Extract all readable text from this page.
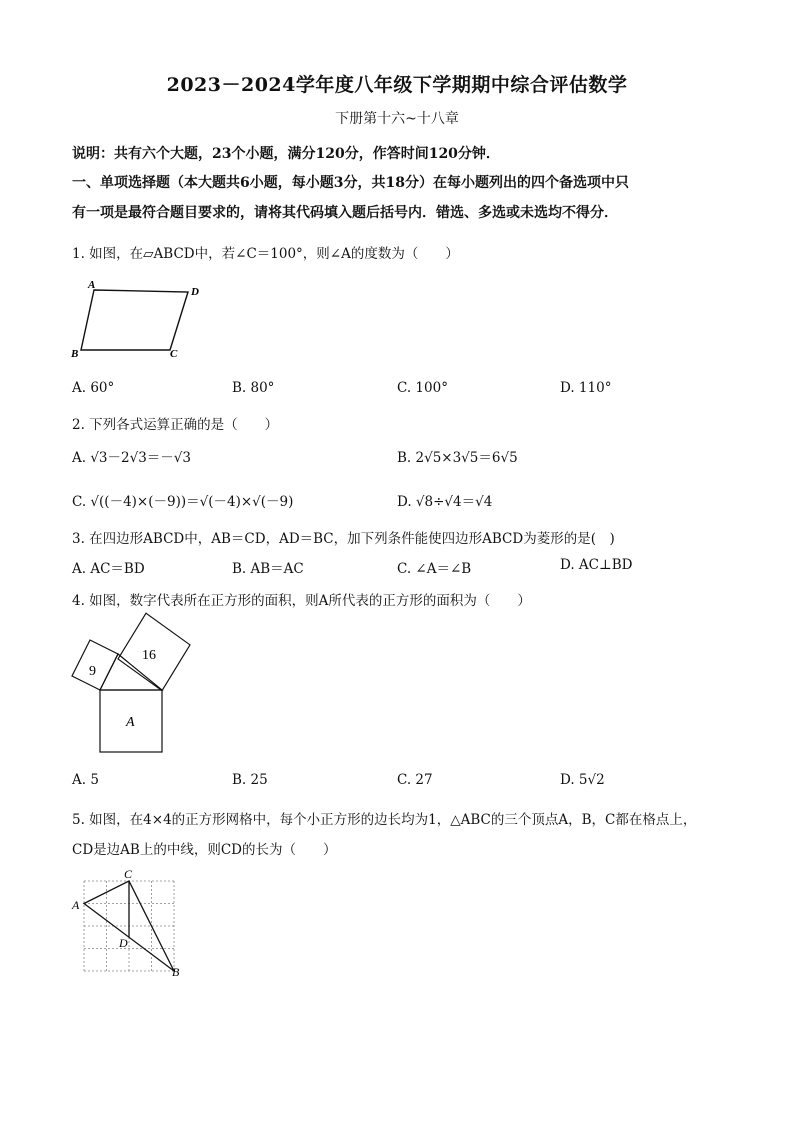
2023－2024学年度八年级下学期期中综合评估数学
下册第十六~十八章
说明：共有六个大题，23个小题，满分120分，作答时间120分钟．
一、单项选择题（本大题共6小题，每小题3分，共18分）在每小题列出的四个备选项中只
有一项是最符合题目要求的，请将其代码填入题后括号内．错选、多选或未选均不得分．
1. 如图，在▱ABCD中，若∠C＝100°，则∠A的度数为（　　）
A
D
B	C
A. 60°	B. 80°	C. 100°	D. 110°
2. 下列各式运算正确的是（　　）
A. √3－2√3＝－√3	B. 2√5×3√5＝6√5
C. √((－4)×(－9))＝√(－4)×√(－9)	D. √8÷√4＝√4
3. 在四边形ABCD中，AB＝CD，AD＝BC，加下列条件能使四边形ABCD为菱形的是(　)
A. AC＝BD	B. AB＝AC	C. ∠A＝∠B	D. AC⊥BD
4. 如图，数字代表所在正方形的面积，则A所代表的正方形的面积为（　　）
9
16
A
A. 5	B. 25	C. 27	D. 5√2
5. 如图，在4×4的正方形网格中，每个小正方形的边长均为1，△ABC的三个顶点A，B，C都在格点上，
CD是边AB上的中线，则CD的长为（　　）
A
C
D
B
